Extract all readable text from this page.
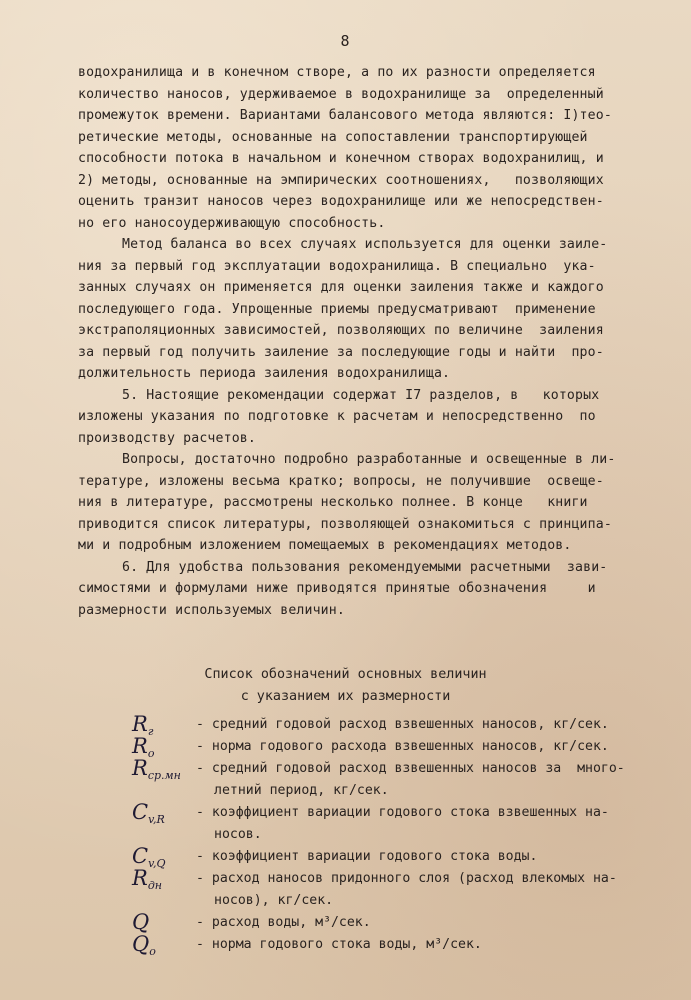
8
водохранилища и в конечном створе, а по их разности определяется
количество наносов, удерживаемое в водохранилище за  определенный
промежуток времени. Вариантами балансового метода являются: I)тео-
ретические методы, основанные на сопоставлении транспортирующей
способности потока в начальном и конечном створах водохранилищ, и
2) методы, основанные на эмпирических соотношениях,   позволяющих
оценить транзит наносов через водохранилище или же непосредствен-
но его наносоудерживающую способность.
Метод баланса во всех случаях используется для оценки заиле-
ния за первый год эксплуатации водохранилища. В специально  ука-
занных случаях он применяется для оценки заиления также и каждого
последующего года. Упрощенные приемы предусматривают  применение
экстраполяционных зависимостей, позволяющих по величине  заиления
за первый год получить заиление за последующие годы и найти  про-
должительность периода заиления водохранилища.
5. Настоящие рекомендации содержат I7 разделов, в   которых
изложены указания по подготовке к расчетам и непосредственно  по
производству расчетов.
Вопросы, достаточно подробно разработанные и освещенные в ли-
тературе, изложены весьма кратко; вопросы, не получившие  освеще-
ния в литературе, рассмотрены несколько полнее. В конце   книги
приводится список литературы, позволяющей ознакомиться с принципа-
ми и подробным изложением помещаемых в рекомендациях методов.
6. Для удобства пользования рекомендуемыми расчетными  зави-
симостями и формулами ниже приводятся принятые обозначения     и
размерности используемых величин.
Список обозначений основных величин
с указанием их размерности
$R_г$	- средний годовой расход взвешенных наносов, кг/сек.
$R_о$	- норма годового расхода взвешенных наносов, кг/сек.
$R_{ср.мн}$	- средний годовой расход взвешенных наносов за  много-
летний период, кг/сек.
$C_{v,R}$	- коэффициент вариации годового стока взвешенных на-
носов.
$C_{v,Q}$	- коэффициент вариации годового стока воды.
$R_{дн}$	- расход наносов придонного слоя (расход влекомых на-
носов), кг/сек.
Q	- расход воды, м³/сек.
$Q_о$	- норма годового стока воды, м³/сек.
